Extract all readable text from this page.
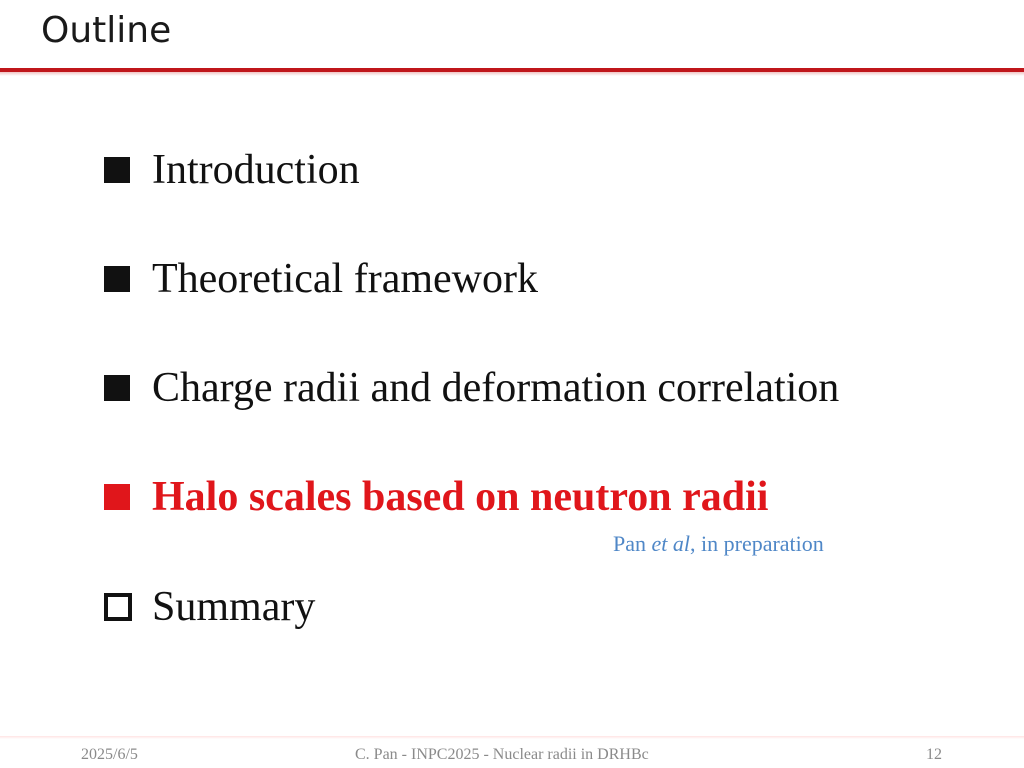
Outline
Introduction
Theoretical framework
Charge radii and deformation correlation
Halo scales based on neutron radii
Pan et al, in preparation
Summary
2025/6/5	C. Pan - INPC2025 - Nuclear radii in DRHBc	12
